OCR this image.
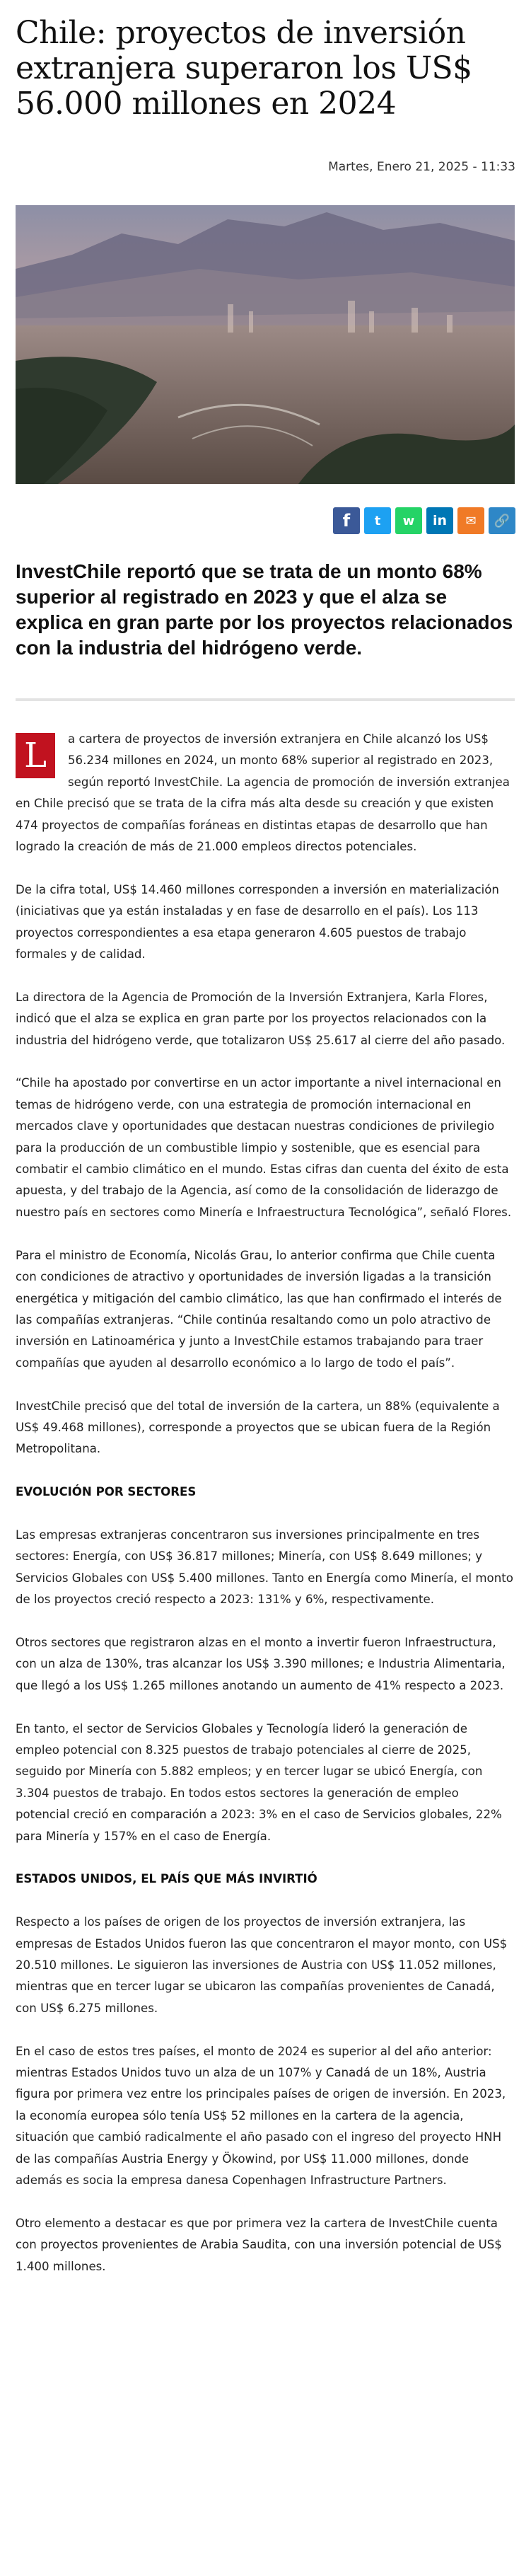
Chile: proyectos de inversión extranjera superaron los US$ 56.000 millones en 2024
Martes, Enero 21, 2025 - 11:33
f t w in ✉ 🔗

InvestChile reportó que se trata de un monto 68% superior al registrado en 2023 y que el alza se explica en gran parte por los proyectos relacionados con la industria del hidrógeno verde.

L	a cartera de proyectos de inversión extranjera en Chile alcanzó los US$ 56.234 millones en 2024, un monto 68% superior al registrado en 2023, según reportó InvestChile. La agencia de promoción de inversión extranjea en Chile precisó que se trata de la cifra más alta desde su creación y que existen 474 proyectos de compañías foráneas en distintas etapas de desarrollo que han logrado la creación de más de 21.000 empleos directos potenciales.

De la cifra total, US$ 14.460 millones corresponden a inversión en materialización (iniciativas que ya están instaladas y en fase de desarrollo en el país). Los 113 proyectos correspondientes a esa etapa generaron 4.605 puestos de trabajo formales y de calidad.

La directora de la Agencia de Promoción de la Inversión Extranjera, Karla Flores, indicó que el alza se explica en gran parte por los proyectos relacionados con la industria del hidrógeno verde, que totalizaron US$ 25.617 al cierre del año pasado.

“Chile ha apostado por convertirse en un actor importante a nivel internacional en temas de hidrógeno verde, con una estrategia de promoción internacional en mercados clave y oportunidades que destacan nuestras condiciones de privilegio para la producción de un combustible limpio y sostenible, que es esencial para combatir el cambio climático en el mundo. Estas cifras dan cuenta del éxito de esta apuesta, y del trabajo de la Agencia, así como de la consolidación de liderazgo de nuestro país en sectores como Minería e Infraestructura Tecnológica”, señaló Flores.

Para el ministro de Economía, Nicolás Grau, lo anterior confirma que Chile cuenta con condiciones de atractivo y oportunidades de inversión ligadas a la transición energética y mitigación del cambio climático, las que han confirmado el interés de las compañías extranjeras. “Chile continúa resaltando como un polo atractivo de inversión en Latinoamérica y junto a InvestChile estamos trabajando para traer compañías que ayuden al desarrollo económico a lo largo de todo el país”.

InvestChile precisó que del total de inversión de la cartera, un 88% (equivalente a US$ 49.468 millones), corresponde a proyectos que se ubican fuera de la Región Metropolitana.

EVOLUCIÓN POR SECTORES

Las empresas extranjeras concentraron sus inversiones principalmente en tres sectores: Energía, con US$ 36.817 millones; Minería, con US$ 8.649 millones; y Servicios Globales con US$ 5.400 millones. Tanto en Energía como Minería, el monto de los proyectos creció respecto a 2023: 131% y 6%, respectivamente.

Otros sectores que registraron alzas en el monto a invertir fueron Infraestructura, con un alza de 130%, tras alcanzar los US$ 3.390 millones; e Industria Alimentaria, que llegó a los US$ 1.265 millones anotando un aumento de 41% respecto a 2023.

En tanto, el sector de Servicios Globales y Tecnología lideró la generación de empleo potencial con 8.325 puestos de trabajo potenciales al cierre de 2025, seguido por Minería con 5.882 empleos; y en tercer lugar se ubicó Energía, con 3.304 puestos de trabajo. En todos estos sectores la generación de empleo potencial creció en comparación a 2023: 3% en el caso de Servicios globales, 22% para Minería y 157% en el caso de Energía.

ESTADOS UNIDOS, EL PAÍS QUE MÁS INVIRTIÓ

Respecto a los países de origen de los proyectos de inversión extranjera, las empresas de Estados Unidos fueron las que concentraron el mayor monto, con US$ 20.510 millones. Le siguieron las inversiones de Austria con US$ 11.052 millones, mientras que en tercer lugar se ubicaron las compañías provenientes de Canadá, con US$ 6.275 millones.

En el caso de estos tres países, el monto de 2024 es superior al del año anterior: mientras Estados Unidos tuvo un alza de un 107% y Canadá de un 18%, Austria figura por primera vez entre los principales países de origen de inversión. En 2023, la economía europea sólo tenía US$ 52 millones en la cartera de la agencia, situación que cambió radicalmente el año pasado con el ingreso del proyecto HNH de las compañías Austria Energy y Ökowind, por US$ 11.000 millones, donde además es socia la empresa danesa Copenhagen Infrastructure Partners.

Otro elemento a destacar es que por primera vez la cartera de InvestChile cuenta con proyectos provenientes de Arabia Saudita, con una inversión potencial de US$ 1.400 millones.
